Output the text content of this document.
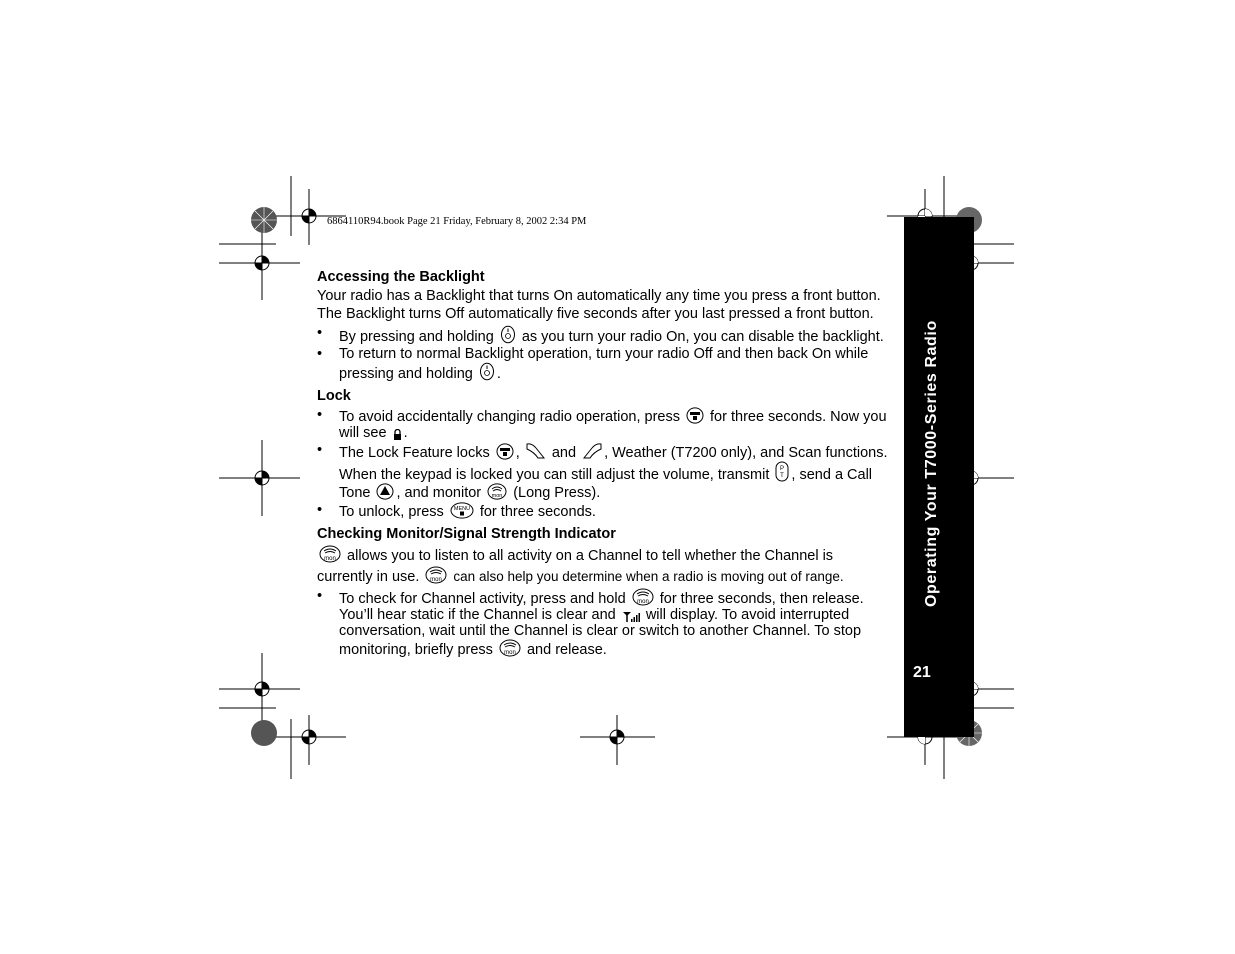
6864110R94.book Page 21 Friday, February 8, 2002 2:34 PM
Operating Your T7000-Series Radio
21
Accessing the Backlight

Your radio has a Backlight that turns On automatically any time you press a front button. The Backlight turns Off automatically five seconds after you last pressed a front button.

• By pressing and holding as you turn your radio On, you can disable the backlight.
• To return to normal Backlight operation, turn your radio Off and then back On while pressing and holding .
Lock
• To avoid accidentally changing radio operation, press for three seconds. Now you will see .
• The Lock Feature locks , and , Weather (T7200 only), and Scan functions. When the keypad is locked you can still adjust the volume, transmit P
T , send a Call Tone , and monitor mon (Long Press).
• To unlock, press MENU for three seconds.
Checking Monitor/Signal Strength Indicator

mon allows you to listen to all activity on a Channel to tell whether the Channel is currently in use. mon can also help you determine when a radio is moving out of range.

• To check for Channel activity, press and hold mon for three seconds, then release. You’ll hear static if the Channel is clear and will display. To avoid interrupted conversation, wait until the Channel is clear or switch to another Channel. To stop monitoring, briefly press mon and release.
